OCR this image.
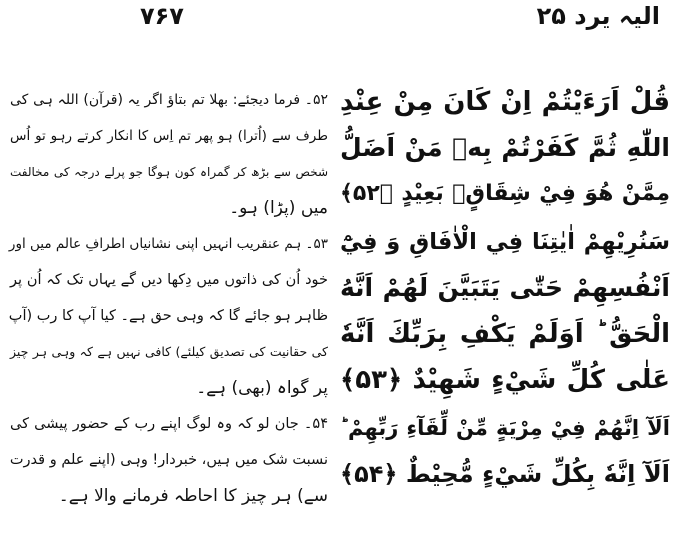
۷۶۷	الیہ یرد ۲۵
قُلْ اَرَءَيْتُمْ اِنْ كَانَ مِنْ عِنْدِ
اللّٰهِ ثُمَّ كَفَرْتُمْ بِهٖ مَنْ اَضَلُّ
مِمَّنْ هُوَ فِيْ شِقَاقٍۢ بَعِيْدٍ ﴿۵۲﴾
سَنُرِيْهِمْ اٰيٰتِنَا فِي الْاٰفَاقِ وَ فِيْٓ
اَنْفُسِهِمْ حَتّٰى يَتَبَيَّنَ لَهُمْ اَنَّهُ
الْحَقُّ ؕ اَوَلَمْ يَكْفِ بِرَبِّكَ اَنَّهٗ
عَلٰى كُلِّ شَيْءٍ شَهِيْدٌ ﴿۵۳﴾
اَلَآ اِنَّهُمْ فِيْ مِرْيَةٍ مِّنْ لِّقَآءِ رَبِّهِمْ ؕ
اَلَآ اِنَّهٗ بِكُلِّ شَيْءٍ مُّحِيْطٌ ﴿۵۴﴾
۵۲۔ فرما دیجئے: بھلا تم بتاؤ اگر یہ (قرآن) اللہ ہی کی
طرف سے (اُترا) ہو پھر تم اِس کا انکار کرتے رہو تو اُس
شخص سے بڑھ کر گمراہ کون ہوگا جو پرلے درجہ کی مخالفت
میں (پڑا) ہو۔
۵۳۔ ہم عنقریب انہیں اپنی نشانیاں اطرافِ عالم میں اور
خود اُن کی ذاتوں میں دِکھا دیں گے یہاں تک کہ اُن پر
ظاہر ہو جائے گا کہ وہی حق ہے۔ کیا آپ کا رب (آپ
کی حقانیت کی تصدیق کیلئے) کافی نہیں ہے کہ وہی ہر چیز
پر گواہ (بھی) ہے۔
۵۴۔ جان لو کہ وہ لوگ اپنے رب کے حضور پیشی کی
نسبت شک میں ہیں، خبردار! وہی (اپنے علم و قدرت
سے) ہر چیز کا احاطہ فرمانے والا ہے۔
